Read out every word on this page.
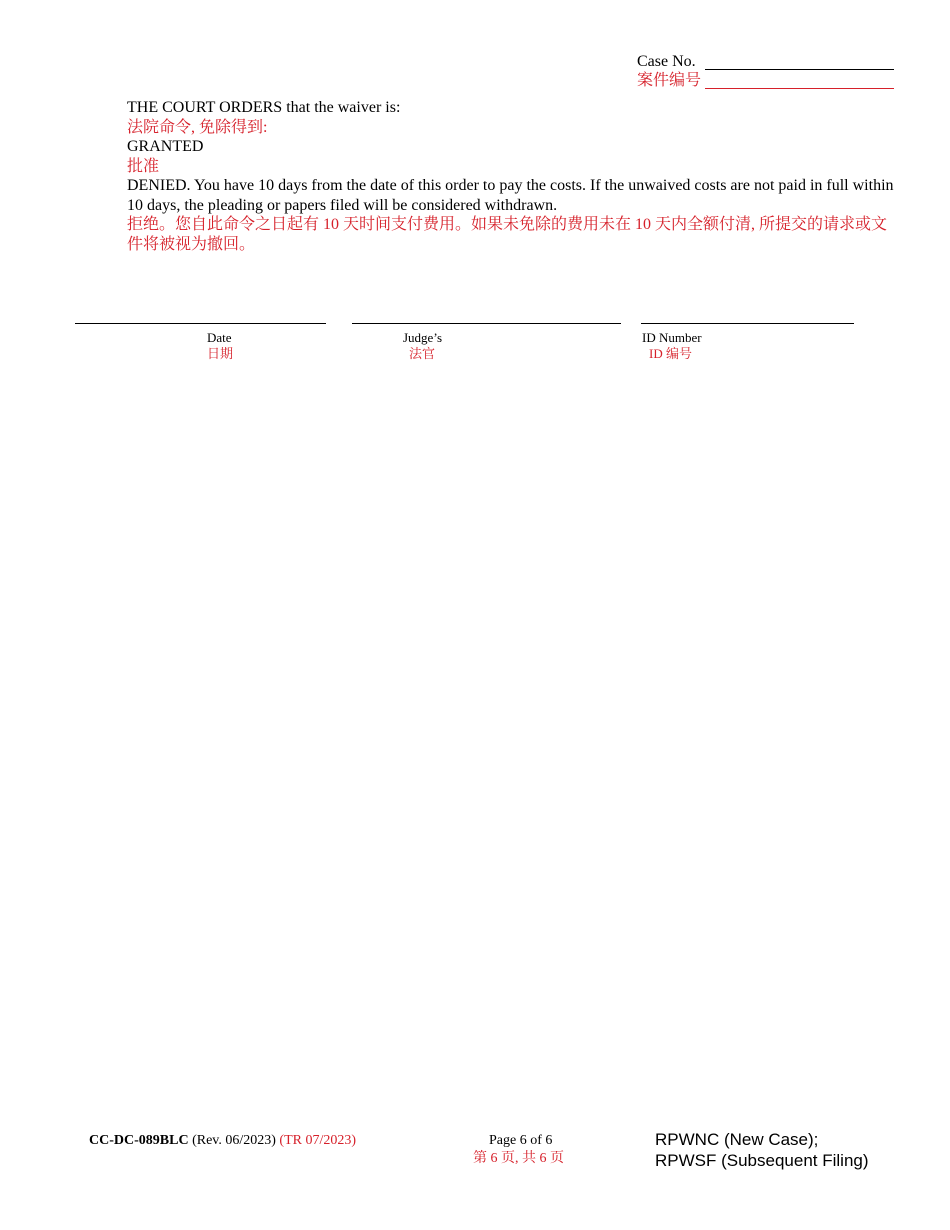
Case No.
案件编号

THE COURT ORDERS that the waiver is:

法院命令, 免除得到:

GRANTED

批准

DENIED. You have 10 days from the date of this order to pay the costs. If the unwaived costs are not paid in full within 10 days, the pleading or papers filed will be considered withdrawn.

拒绝。您自此命令之日起有 10 天时间支付费用。如果未免除的费用未在 10 天内全额付清, 所提交的请求或文件将被视为撤回。

Date
日期
Judge’s
法官
ID Number
ID 编号
CC-DC-089BLC (Rev. 06/2023) (TR 07/2023)	Page 6 of 6
第 6 页, 共 6 页
RPWNC (New Case);
RPWSF (Subsequent Filing)
